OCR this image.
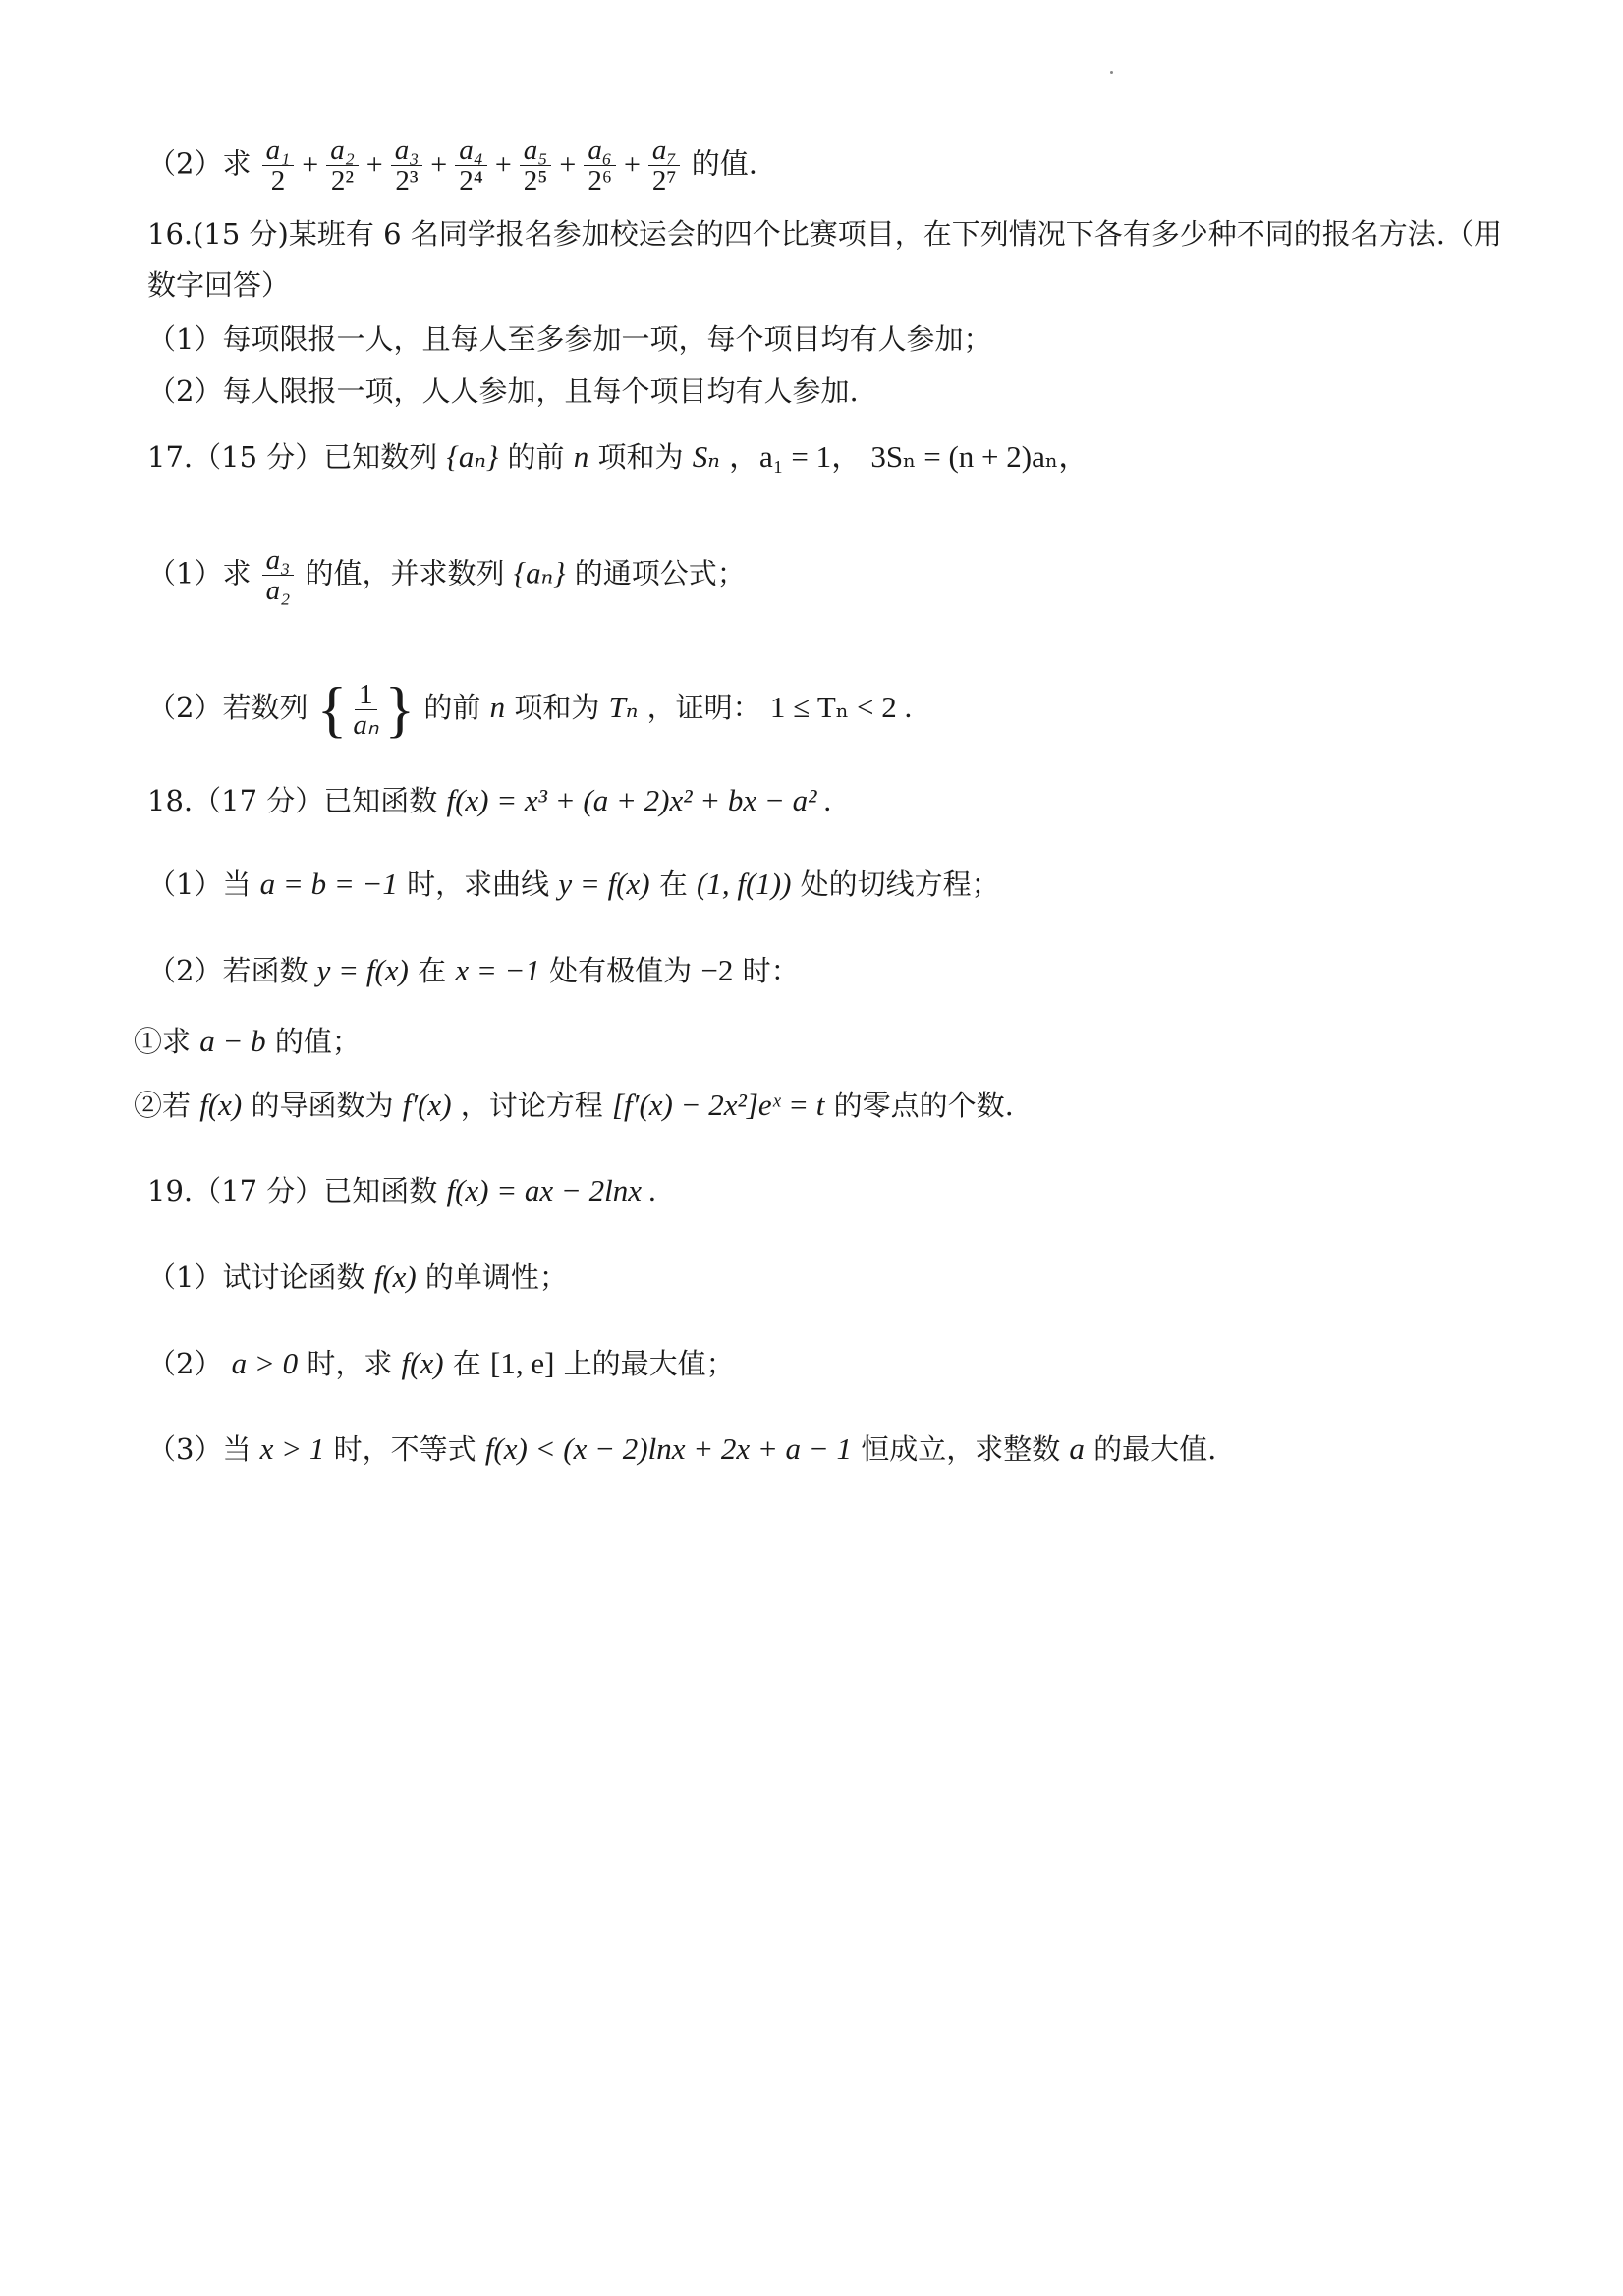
（2）求 $\frac{\text{a₁}}{2} + \frac{\text{a₂}}{\text{2²}} + \frac{\text{a₃}}{\text{2³}} + \frac{\text{a₄}}{\text{2⁴}} + \frac{\text{a₅}}{\text{2⁵}} + \frac{\text{a₆}}{\text{2⁶}} + \frac{\text{a₇}}{\text{2⁷}}$ 的值.
16.(15 分)某班有 6 名同学报名参加校运会的四个比赛项目，在下列情况下各有多少种不同的报名方法.（用
数字回答）
（1）每项限报一人，且每人至多参加一项，每个项目均有人参加；
（2）每人限报一项，人人参加，且每个项目均有人参加.
17.（15 分）已知数列 {aₙ} 的前 n 项和为 Sₙ ，a₁ = 1， 3Sₙ = (n + 2)aₙ，
（1）求 $\frac{\text{a₃}}{\text{a₂}}$ 的值，并求数列 {aₙ} 的通项公式；
（2）若数列 { $\frac{1}{\text{aₙ}}$ } 的前 n 项和为 Tₙ ，证明： 1 ≤ Tₙ < 2 .
18.（17 分）已知函数 f(x) = x³ + (a + 2)x² + bx − a² .
（1）当 a = b = −1 时，求曲线 y = f(x) 在 (1, f(1)) 处的切线方程；
（2）若函数 y = f(x) 在 x = −1 处有极值为 −2 时：
①求 a − b 的值；
②若 f(x) 的导函数为 f′(x) ，讨论方程 [f′(x) − 2x²]eˣ = t 的零点的个数.
19.（17 分）已知函数 f(x) = ax − 2lnx .
（1）试讨论函数 f(x) 的单调性；
（2） a > 0 时，求 f(x) 在 [1, e] 上的最大值；
（3）当 x > 1 时，不等式 f(x) < (x − 2)lnx + 2x + a − 1 恒成立，求整数 a 的最大值.
